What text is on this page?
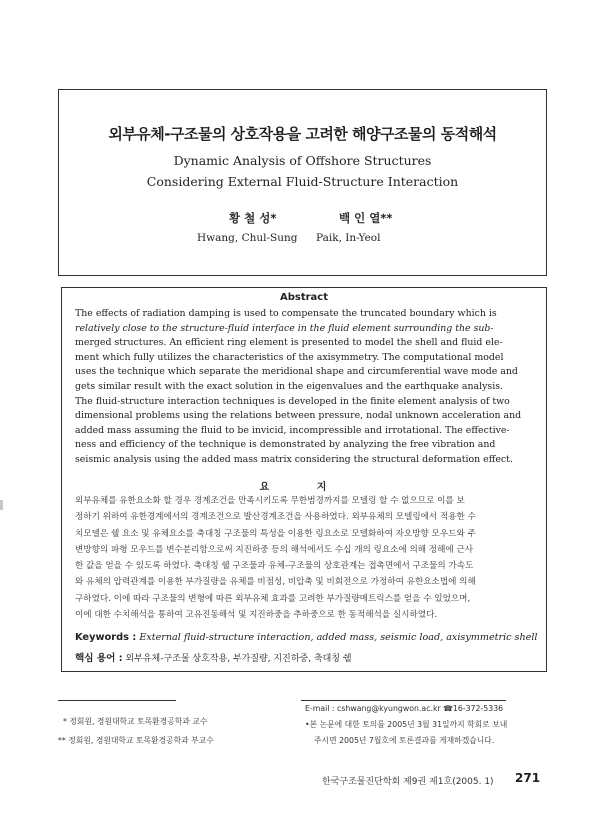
외부유체-구조물의 상호작용을 고려한 해양구조물의 동적해석
Dynamic Analysis of Offshore Structures
Considering External Fluid-Structure Interaction
황 철 성*	백 인 열**
Hwang, Chul-Sung Paik, In-Yeol
Abstract
The effects of radiation damping is used to compensate the truncated boundary which is
relatively close to the structure-fluid interface in the fluid element surrounding the sub-
merged structures. An efficient ring element is presented to model the shell and fluid ele-
ment which fully utilizes the characteristics of the axisymmetry. The computational model
uses the technique which separate the meridional shape and circumferential wave mode and
gets similar result with the exact solution in the eigenvalues and the earthquake analysis.
The fluid-structure interaction techniques is developed in the finite element analysis of two
dimensional problems using the relations between pressure, nodal unknown acceleration and
added mass assuming the fluid to be invicid, incompressible and irrotational. The effective-
ness and efficiency of the technique is demonstrated by analyzing the free vibration and
seismic analysis using the added mass matrix considering the structural deformation effect.
요 지
외부유체를 유한요소화 할 경우 경계조건을 만족시키도록 무한범경까지를 모델링 할 수 없으므로 이를 보
정하기 위하여 유한경계에서의 경계조건으로 발산경계조건을 사용하였다. 외부유체의 모델링에서 적용한 수
치모델은 쉘 요소 및 유체요소를 축대칭 구조물의 특성을 이용한 링요소로 모델화하여 자오방향 모우드와 주
변방향의 파형 모우드를 변수분리함으로써 지진하중 등의 해석에서도 수십 개의 링요소에 의해 정해에 근사
한 값을 얻을 수 있도록 하였다. 축대칭 쉘 구조물과 유체-구조물의 상호관계는 접촉면에서 구조물의 가속도
와 유체의 압력관계를 이용한 부가질량을 유체를 비점성, 비압축 및 비회전으로 가정하여 유한요소법에 의해
구하였다. 이에 따라 구조물의 변형에 따른 외부유체 효과를 고려한 부가질량매트릭스를 얻을 수 있었으며,
이에 대한 수치해석을 통하여 고유진동해석 및 지진하중을 추하중으로 한 동적해석을 실시하였다.
Keywords : External fluid-structure interaction, added mass, seismic load, axisymmetric shell
핵심 용어 : 외부유체-구조물 상호작용, 부가질량, 지진하중, 축대칭 쉘
* 정회원, 경원대학교 토목환경공학과 교수
** 정회원, 경원대학교 토목환경공학과 부교수
E-mail : cshwang@kyungwon.ac.kr ☎16-372-5336
•본 논문에 대한 토의를 2005년 3월 31일까지 학회로 보내
주시면 2005년 7월호에 토론결과를 게재하겠습니다.
한국구조물진단학회 제9권 제1호(2005. 1) 271
